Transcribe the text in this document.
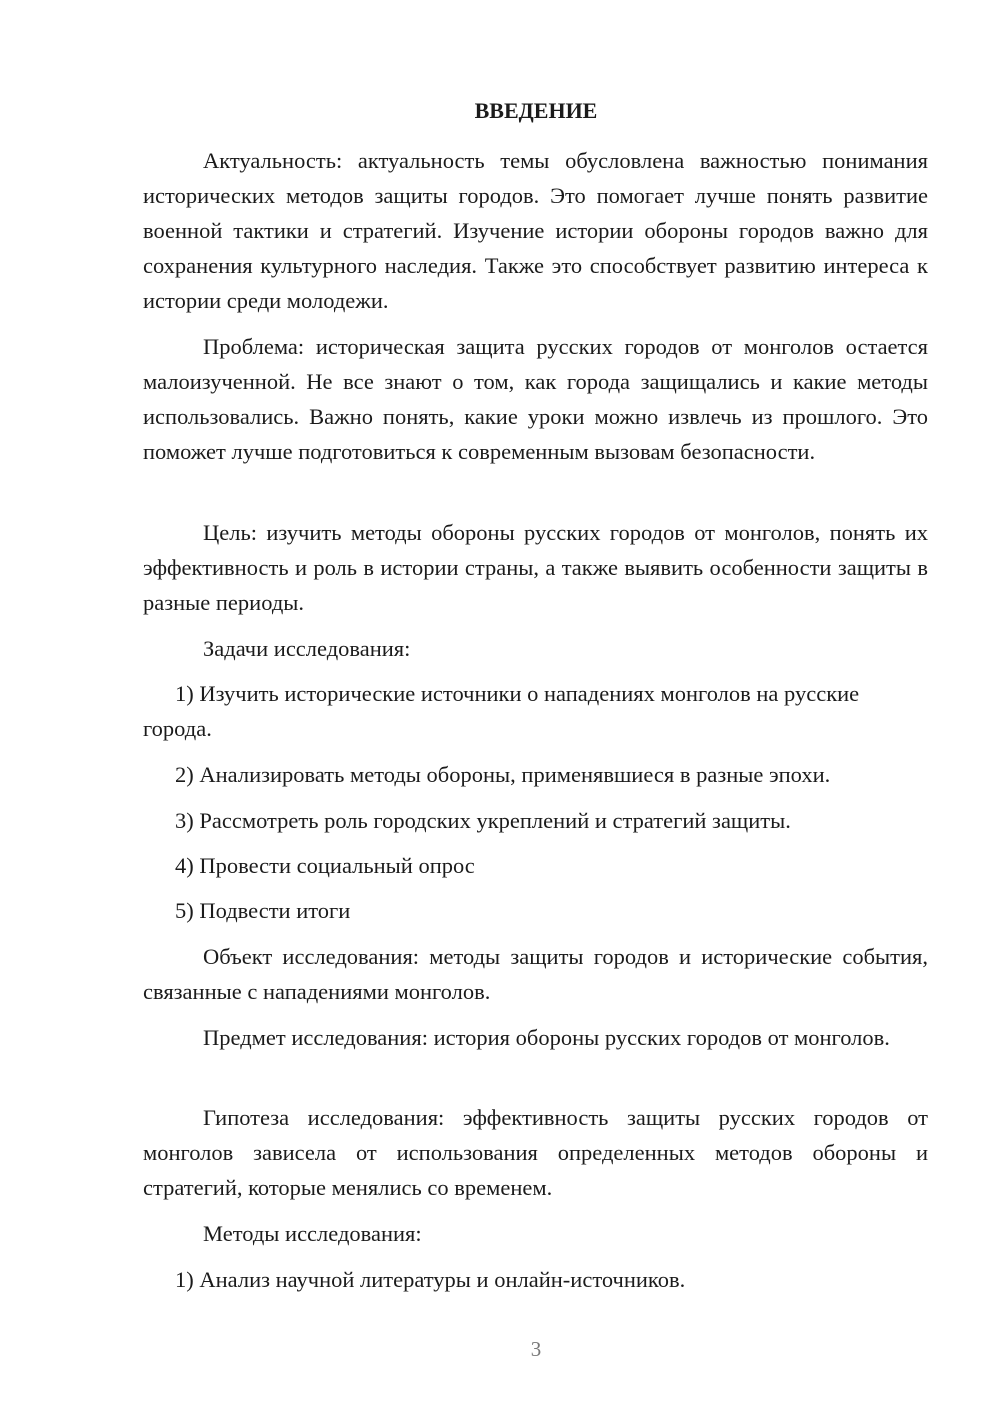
ВВЕДЕНИЕ

Актуальность: актуальность темы обусловлена важностью понимания исторических методов защиты городов. Это помогает лучше понять развитие военной тактики и стратегий. Изучение истории обороны городов важно для сохранения культурного наследия. Также это способствует развитию интереса к истории среди молодежи.

Проблема: историческая защита русских городов от монголов остается малоизученной. Не все знают о том, как города защищались и какие методы использовались. Важно понять, какие уроки можно извлечь из прошлого. Это поможет лучше подготовиться к современным вызовам безопасности.

Цель: изучить методы обороны русских городов от монголов, понять их эффективность и роль в истории страны, а также выявить особенности защиты в разные периоды.

Задачи исследования:

1) Изучить исторические источники о нападениях монголов на русские города.

2) Анализировать методы обороны, применявшиеся в разные эпохи.

3) Рассмотреть роль городских укреплений и стратегий защиты.

4) Провести социальный опрос

5) Подвести итоги

Объект исследования: методы защиты городов и исторические события, связанные с нападениями монголов.

Предмет исследования: история обороны русских городов от монголов.

Гипотеза исследования: эффективность защиты русских городов от монголов зависела от использования определенных методов обороны и стратегий, которые менялись со временем.

Методы исследования:

1) Анализ научной литературы и онлайн-источников.

3
